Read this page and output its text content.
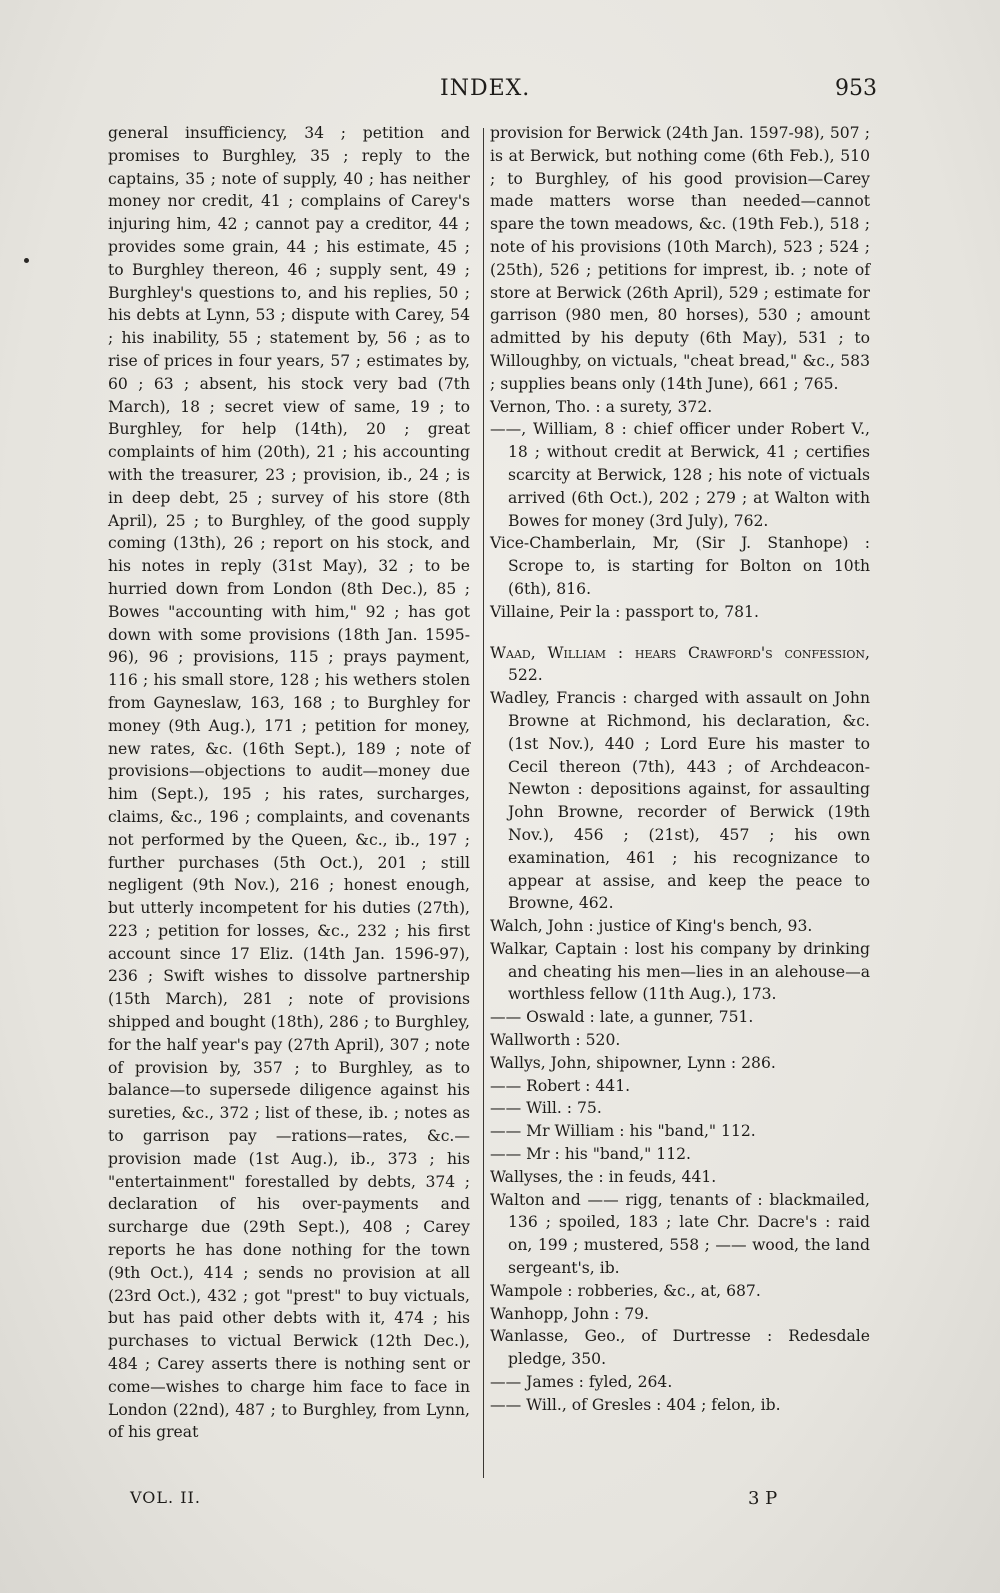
INDEX.	953

general insufficiency, 34 ; petition and promises to Burghley, 35 ; reply to the captains, 35 ; note of supply, 40 ; has neither money nor credit, 41 ; complains of Carey's injuring him, 42 ; cannot pay a creditor, 44 ; provides some grain, 44 ; his estimate, 45 ; to Burghley thereon, 46 ; supply sent, 49 ; Burghley's questions to, and his replies, 50 ; his debts at Lynn, 53 ; dispute with Carey, 54 ; his inability, 55 ; statement by, 56 ; as to rise of prices in four years, 57 ; estimates by, 60 ; 63 ; absent, his stock very bad (7th March), 18 ; secret view of same, 19 ; to Burghley, for help (14th), 20 ; great complaints of him (20th), 21 ; his accounting with the treasurer, 23 ; provision, ib., 24 ; is in deep debt, 25 ; survey of his store (8th April), 25 ; to Burghley, of the good supply coming (13th), 26 ; report on his stock, and his notes in reply (31st May), 32 ; to be hurried down from London (8th Dec.), 85 ; Bowes "accounting with him," 92 ; has got down with some provisions (18th Jan. 1595-96), 96 ; provisions, 115 ; prays payment, 116 ; his small store, 128 ; his wethers stolen from Gayneslaw, 163, 168 ; to Burghley for money (9th Aug.), 171 ; petition for money, new rates, &c. (16th Sept.), 189 ; note of provisions—objections to audit—money due him (Sept.), 195 ; his rates, surcharges, claims, &c., 196 ; complaints, and covenants not performed by the Queen, &c., ib., 197 ; further purchases (5th Oct.), 201 ; still negligent (9th Nov.), 216 ; honest enough, but utterly incompetent for his duties (27th), 223 ; petition for losses, &c., 232 ; his first account since 17 Eliz. (14th Jan. 1596-97), 236 ; Swift wishes to dissolve partnership (15th March), 281 ; note of provisions shipped and bought (18th), 286 ; to Burghley, for the half year's pay (27th April), 307 ; note of provision by, 357 ; to Burghley, as to balance—to supersede diligence against his sureties, &c., 372 ; list of these, ib. ; notes as to garrison pay —rations—rates, &c.—provision made (1st Aug.), ib., 373 ; his "entertainment" forestalled by debts, 374 ; declaration of his over-payments and surcharge due (29th Sept.), 408 ; Carey reports he has done nothing for the town (9th Oct.), 414 ; sends no provision at all (23rd Oct.), 432 ; got "prest" to buy victuals, but has paid other debts with it, 474 ; his purchases to victual Berwick (12th Dec.), 484 ; Carey asserts there is nothing sent or come—wishes to charge him face to face in London (22nd), 487 ; to Burghley, from Lynn, of his great

provision for Berwick (24th Jan. 1597-98), 507 ; is at Berwick, but nothing come (6th Feb.), 510 ; to Burghley, of his good provision—Carey made matters worse than needed—cannot spare the town meadows, &c. (19th Feb.), 518 ; note of his provisions (10th March), 523 ; 524 ; (25th), 526 ; petitions for imprest, ib. ; note of store at Berwick (26th April), 529 ; estimate for garrison (980 men, 80 horses), 530 ; amount admitted by his deputy (6th May), 531 ; to Willoughby, on victuals, "cheat bread," &c., 583 ; supplies beans only (14th June), 661 ; 765.

Vernon, Tho. : a surety, 372.

——, William, 8 : chief officer under Robert V., 18 ; without credit at Berwick, 41 ; certifies scarcity at Berwick, 128 ; his note of victuals arrived (6th Oct.), 202 ; 279 ; at Walton with Bowes for money (3rd July), 762.

Vice-Chamberlain, Mr, (Sir J. Stanhope) : Scrope to, is starting for Bolton on 10th (6th), 816.

Villaine, Peir la : passport to, 781.

Waad, William : hears Crawford's confession, 522.

Wadley, Francis : charged with assault on John Browne at Richmond, his declaration, &c. (1st Nov.), 440 ; Lord Eure his master to Cecil thereon (7th), 443 ; of Archdeacon-Newton : depositions against, for assaulting John Browne, recorder of Berwick (19th Nov.), 456 ; (21st), 457 ; his own examination, 461 ; his recognizance to appear at assise, and keep the peace to Browne, 462.

Walch, John : justice of King's bench, 93.

Walkar, Captain : lost his company by drinking and cheating his men—lies in an alehouse—a worthless fellow (11th Aug.), 173.

—— Oswald : late, a gunner, 751.

Wallworth : 520.

Wallys, John, shipowner, Lynn : 286.

—— Robert : 441.

—— Will. : 75.

—— Mr William : his "band," 112.

—— Mr : his "band," 112.

Wallyses, the : in feuds, 441.

Walton and —— rigg, tenants of : blackmailed, 136 ; spoiled, 183 ; late Chr. Dacre's : raid on, 199 ; mustered, 558 ; —— wood, the land sergeant's, ib.

Wampole : robberies, &c., at, 687.

Wanhopp, John : 79.

Wanlasse, Geo., of Durtresse : Redesdale pledge, 350.

—— James : fyled, 264.

—— Will., of Gresles : 404 ; felon, ib.

VOL. II.	3 P
